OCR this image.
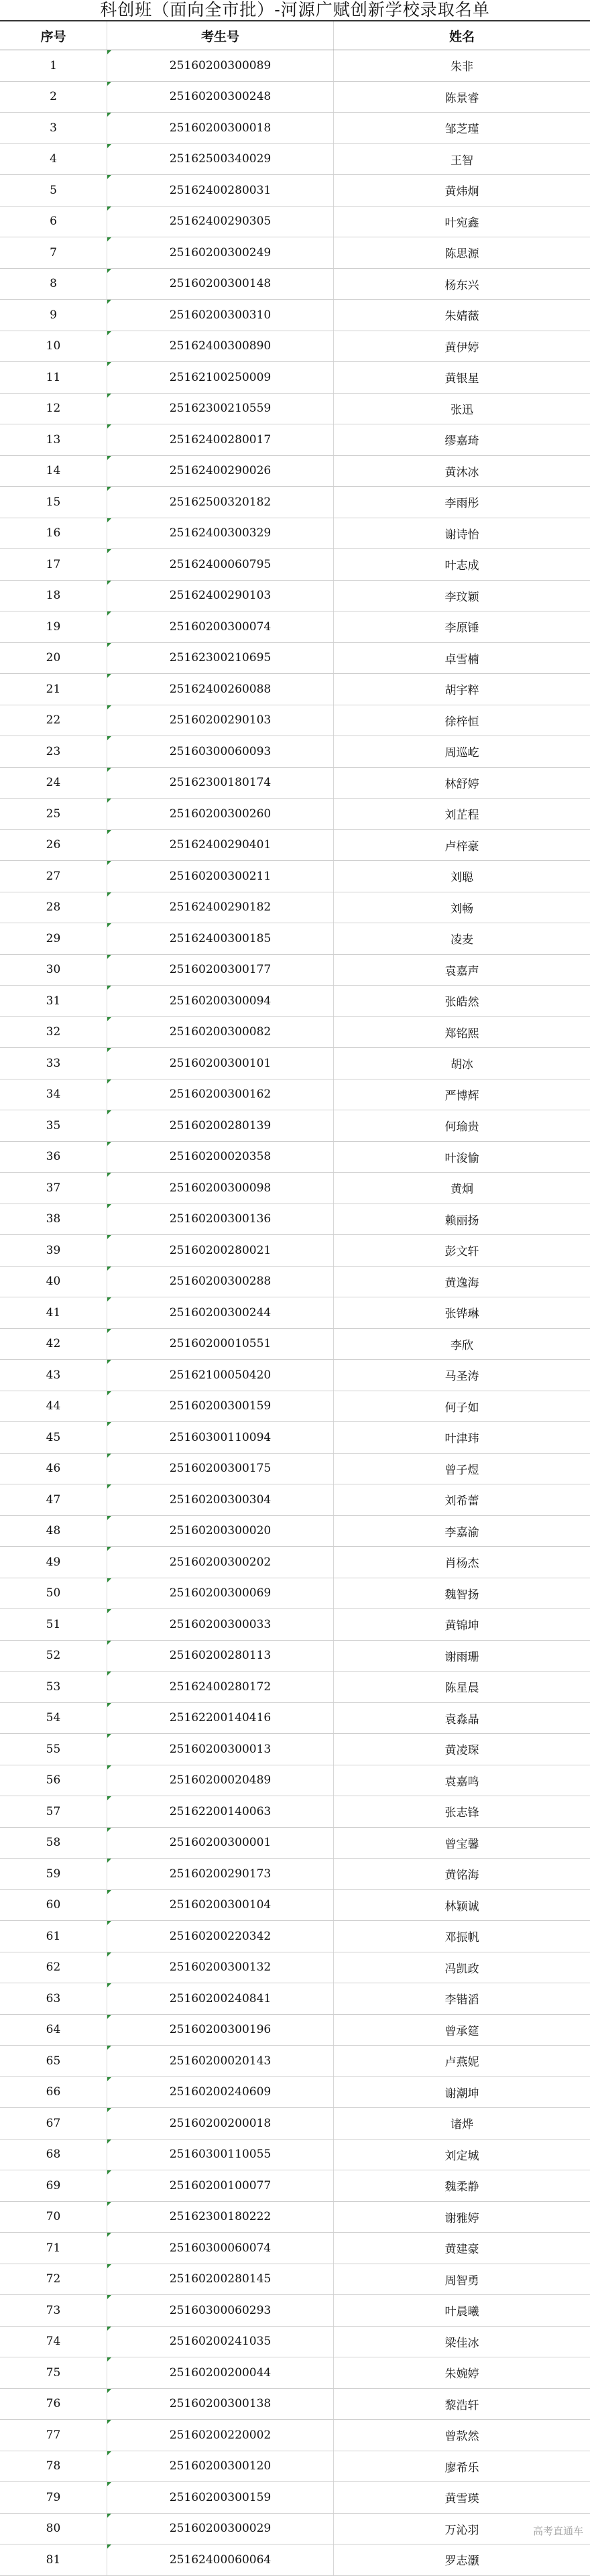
科创班（面向全市批）-河源广赋创新学校录取名单
序号	考生号	姓名
1	25160200300089	朱非
2	25160200300248	陈景睿
3	25160200300018	邹芝瑾
4	25162500340029	王智
5	25162400280031	黄炜炯
6	25162400290305	叶宛鑫
7	25160200300249	陈思源
8	25160200300148	杨东兴
9	25160200300310	朱婧薇
10	25162400300890	黄伊婷
11	25162100250009	黄银星
12	25162300210559	张迅
13	25162400280017	缪嘉琦
14	25162400290026	黄沐冰
15	25162500320182	李雨彤
16	25162400300329	谢诗怡
17	25162400060795	叶志成
18	25162400290103	李玟颖
19	25160200300074	李原锤
20	25162300210695	卓雪楠
21	25162400260088	胡宇粹
22	25160200290103	徐梓恒
23	25160300060093	周巡屹
24	25162300180174	林舒婷
25	25160200300260	刘芷程
26	25162400290401	卢梓豪
27	25160200300211	刘聪
28	25162400290182	刘畅
29	25162400300185	凌麦
30	25160200300177	袁嘉声
31	25160200300094	张皓然
32	25160200300082	郑铭熙
33	25160200300101	胡冰
34	25160200300162	严博辉
35	25160200280139	何瑜贵
36	25160200020358	叶浚愉
37	25160200300098	黄炯
38	25160200300136	赖丽扬
39	25160200280021	彭文轩
40	25160200300288	黄逸海
41	25160200300244	张铧琳
42	25160200010551	李欣
43	25162100050420	马圣涛
44	25160200300159	何子如
45	25160300110094	叶津玮
46	25160200300175	曾子煜
47	25160200300304	刘希蕾
48	25160200300020	李嘉渝
49	25160200300202	肖杨杰
50	25160200300069	魏智扬
51	25160200300033	黄锦坤
52	25160200280113	谢雨珊
53	25162400280172	陈星晨
54	25162200140416	袁淼晶
55	25160200300013	黄凌琛
56	25160200020489	袁嘉鸣
57	25162200140063	张志锋
58	25160200300001	曾宝馨
59	25160200290173	黄铭海
60	25160200300104	林颖诚
61	25160200220342	邓振帆
62	25160200300132	冯凯政
63	25160200240841	李锴滔
64	25160200300196	曾承筵
65	25160200020143	卢燕妮
66	25160200240609	谢潮坤
67	25160200200018	诸烨
68	25160300110055	刘定城
69	25160200100077	魏柔静
70	25162300180222	谢雅婷
71	25160300060074	黄建豪
72	25160200280145	周智勇
73	25160300060293	叶晨曦
74	25160200241035	梁佳冰
75	25160200200044	朱婉婷
76	25160200300138	黎浩轩
77	25160200220002	曾款然
78	25160200300120	廖希乐
79	25160200300159	黄雪瑛
80	25160200300029	万沁羽
81	25162400060064	罗志灏
高考直通车
